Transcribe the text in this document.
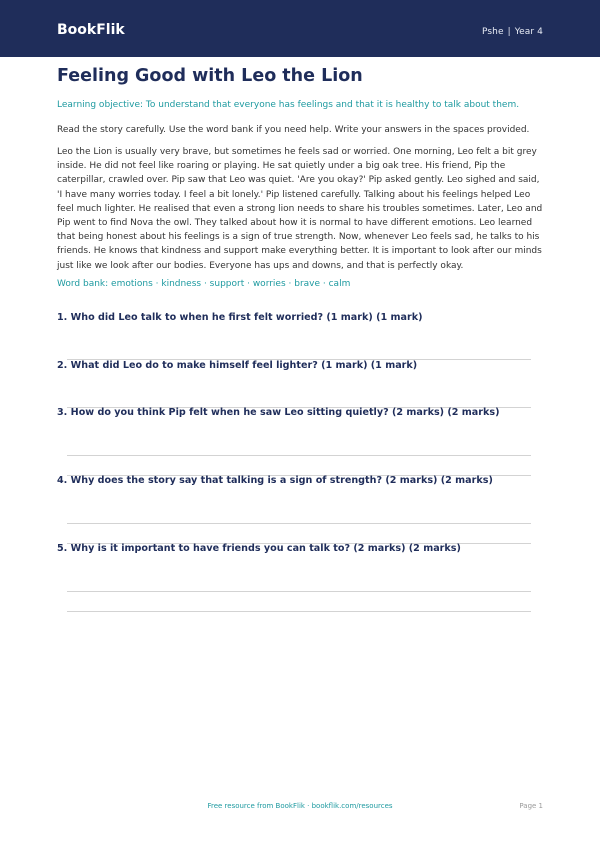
BookFlik	Pshe | Year 4
Feeling Good with Leo the Lion
Learning objective: To understand that everyone has feelings and that it is healthy to talk about them.
Read the story carefully. Use the word bank if you need help. Write your answers in the spaces provided.
Leo the Lion is usually very brave, but sometimes he feels sad or worried. One morning, Leo felt a bit grey inside. He did not feel like roaring or playing. He sat quietly under a big oak tree. His friend, Pip the caterpillar, crawled over. Pip saw that Leo was quiet. 'Are you okay?' Pip asked gently. Leo sighed and said, 'I have many worries today. I feel a bit lonely.' Pip listened carefully. Talking about his feelings helped Leo feel much lighter. He realised that even a strong lion needs to share his troubles sometimes. Later, Leo and Pip went to find Nova the owl. They talked about how it is normal to have different emotions. Leo learned that being honest about his feelings is a sign of true strength. Now, whenever Leo feels sad, he talks to his friends. He knows that kindness and support make everything better. It is important to look after our minds just like we look after our bodies. Everyone has ups and downs, and that is perfectly okay.
Word bank: emotions · kindness · support · worries · brave · calm
1. Who did Leo talk to when he first felt worried? (1 mark) (1 mark)
2. What did Leo do to make himself feel lighter? (1 mark) (1 mark)
3. How do you think Pip felt when he saw Leo sitting quietly? (2 marks) (2 marks)
4. Why does the story say that talking is a sign of strength? (2 marks) (2 marks)
5. Why is it important to have friends you can talk to? (2 marks) (2 marks)
Free resource from BookFlik · bookflik.com/resources	Page 1
